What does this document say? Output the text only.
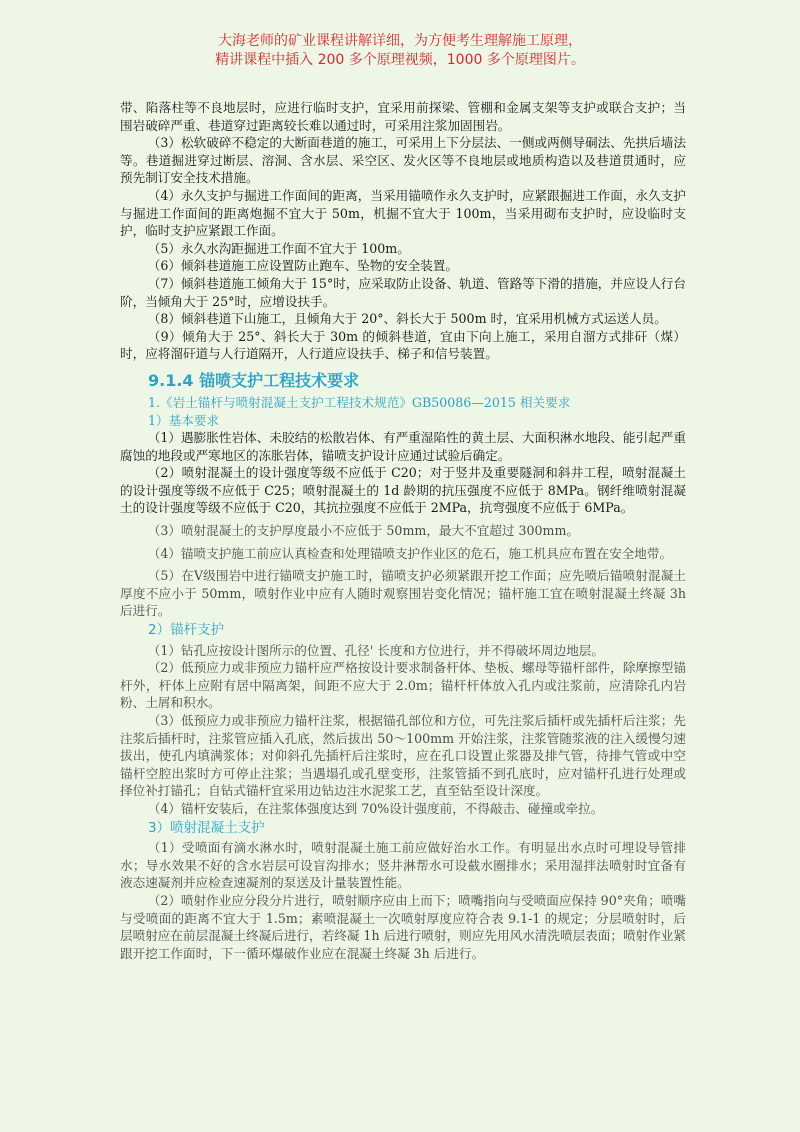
大海老师的矿业课程讲解详细，为方便考生理解施工原理，
精讲课程中插入 200 多个原理视频，1000 多个原理图片。

带、陷落柱等不良地层时，应进行临时支护，宜采用前探梁、管棚和金属支架等支护或联合支护；当围岩破碎严重、巷道穿过距离较长难以通过时，可采用注浆加固围岩。

（3）松软破碎不稳定的大断面巷道的施工，可采用上下分层法、一侧或两侧导硐法、先拱后墙法等。巷道掘进穿过断层、溶洞、含水层、采空区、发火区等不良地层或地质构造以及巷道贯通时，应预先制订安全技术措施。

（4）永久支护与掘进工作面间的距离，当采用锚喷作永久支护时，应紧跟掘进工作面，永久支护与掘进工作面间的距离炮掘不宜大于 50m，机掘不宜大于 100m，当采用砌布支护时，应设临时支护，临时支护应紧跟工作面。

（5）永久水沟距掘进工作面不宜大于 100m。

（6）倾斜巷道施工应设置防止跑车、坠物的安全装置。

（7）倾斜巷道施工倾角大于 15°时，应采取防止设备、轨道、管路等下滑的措施，并应设人行台阶，当倾角大于 25°时，应增设扶手。

（8）倾斜巷道下山施工，且倾角大于 20°、斜长大于 500m 时，宜采用机械方式运送人员。

（9）倾角大于 25°、斜长大于 30m 的倾斜巷道，宜由下向上施工，采用自溜方式排矸（煤）时，应将溜矸道与人行道隔开，人行道应设扶手、梯子和信号装置。

9.1.4 锚喷支护工程技术要求

1.《岩土锚杆与喷射混凝土支护工程技术规范》GB50086—2015 相关要求

1）基本要求

（1）遇膨胀性岩体、未胶结的松散岩体、有严重湿陷性的黄土层、大面积淋水地段、能引起严重腐蚀的地段或严寒地区的冻胀岩体，锚喷支护设计应通过试验后确定。

（2）喷射混凝土的设计强度等级不应低于 C20；对于竖井及重要隧洞和斜井工程，喷射混凝土的设计强度等级不应低于 C25；喷射混凝土的 1d 龄期的抗压强度不应低于 8MPa。钢纤维喷射混凝土的设计强度等级不应低于 C20，其抗拉强度不应低于 2MPa，抗弯强度不应低于 6MPa。

（3）喷射混凝土的支护厚度最小不应低于 50mm，最大不宜超过 300mm。

（4）锚喷支护施工前应认真检查和处理锚喷支护作业区的危石，施工机具应布置在安全地带。

（5）在Ⅴ级围岩中进行锚喷支护施工时，锚喷支护必须紧跟开挖工作面；应先喷后锚喷射混凝土厚度不应小于 50mm，喷射作业中应有人随时观察围岩变化情况；锚杆施工宜在喷射混凝土终凝 3h 后进行。

2）锚杆支护

（1）钻孔应按设计图所示的位置、孔径' 长度和方位进行，并不得破坏周边地层。

（2）低预应力或非预应力锚杆应严格按设计要求制备杆体、垫板、螺母等锚杆部件，除摩擦型锚杆外，杆体上应附有居中隔离架，间距不应大于 2.0m；锚杆杆体放入孔内或注浆前，应清除孔内岩粉、土屑和积水。

（3）低预应力或非预应力锚杆注浆，根据锚孔部位和方位，可先注浆后插杆或先插杆后注浆；先注浆后插杆时，注浆管应插入孔底，然后拔出 50～100mm 开始注浆，注浆管随浆液的注入缓慢匀速拔出，使孔内填满浆体；对仰斜孔先插杆后注浆时，应在孔口设置止浆器及排气管，待排气管或中空锚杆空腔出浆时方可停止注浆；当遇塌孔或孔壁变形，注浆管插不到孔底时，应对锚杆孔进行处理或择位补打锚孔；自钻式锚杆宜采用边钻边注水泥浆工艺，直至钻至设计深度。

（4）锚杆安装后，在注浆体强度达到 70%设计强度前，不得敲击、碰撞或牵拉。

3）喷射混凝土支护

（1）受喷面有滴水淋水时，喷射混凝土施工前应做好治水工作。有明显出水点时可埋设导管排水；导水效果不好的含水岩层可设盲沟排水；竖井淋帮水可设截水圈排水；采用湿拌法喷射时宜备有液态速凝剂并应检查速凝剂的泵送及计量装置性能。

（2）喷射作业应分段分片进行，喷射顺序应由上而下；喷嘴指向与受喷面应保持 90°夹角；喷嘴与受喷面的距离不宜大于 1.5m；素喷混凝土一次喷射厚度应符合表 9.1-1 的规定；分层喷射时，后层喷射应在前层混凝土终凝后进行，若终凝 1h 后进行喷射，则应先用风水清洗喷层表面；喷射作业紧跟开挖工作面时，下一循环爆破作业应在混凝土终凝 3h 后进行。
